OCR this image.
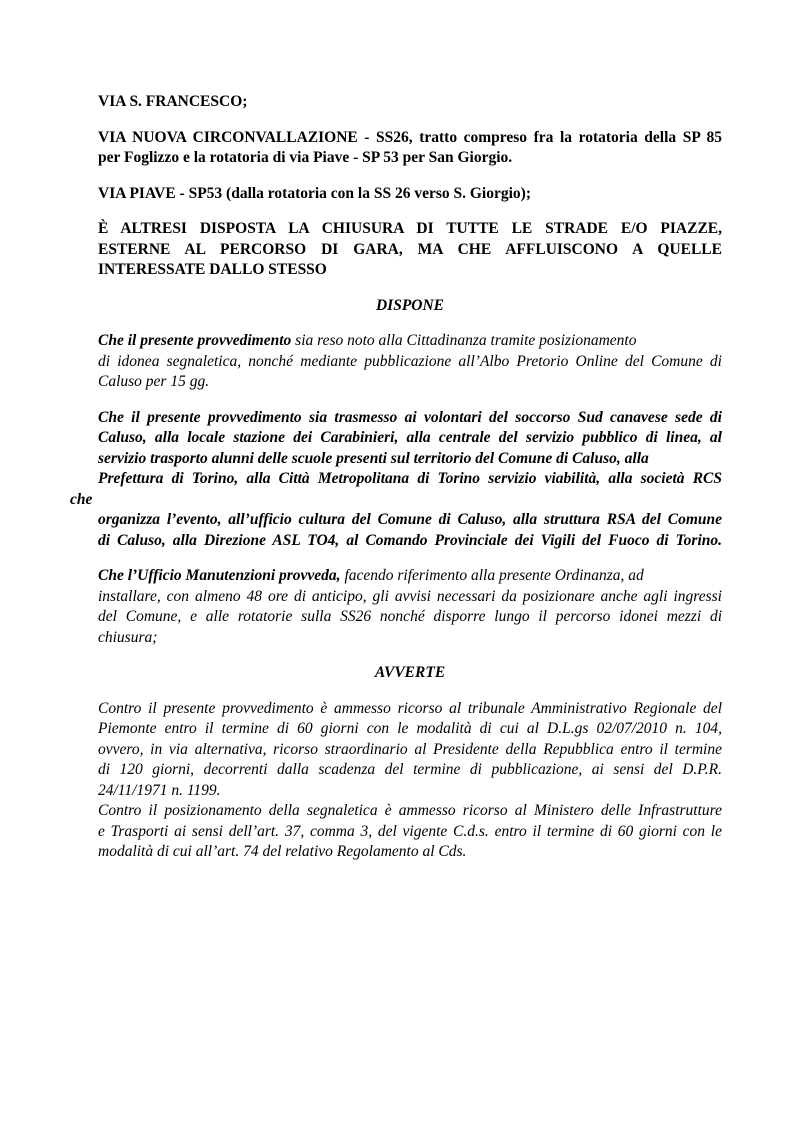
VIA S. FRANCESCO;
VIA NUOVA CIRCONVALLAZIONE - SS26, tratto compreso fra la rotatoria della SP 85
per Foglizzo e la rotatoria di via Piave - SP 53 per San Giorgio.
VIA PIAVE - SP53 (dalla rotatoria con la SS 26 verso S. Giorgio);
È ALTRESI DISPOSTA LA CHIUSURA DI TUTTE LE STRADE E/O PIAZZE,
ESTERNE AL PERCORSO DI GARA, MA CHE AFFLUISCONO A QUELLE
INTERESSATE DALLO STESSO
DISPONE
Che il presente provvedimento sia reso noto alla Cittadinanza tramite posizionamento
di idonea segnaletica, nonché mediante pubblicazione all’Albo Pretorio Online del Comune di
Caluso per 15 gg.
Che il presente provvedimento sia trasmesso ai volontari del soccorso Sud canavese sede di
Caluso, alla locale stazione dei Carabinieri, alla centrale del servizio pubblico di linea, al
servizio trasporto alunni delle scuole presenti sul territorio del Comune di Caluso, alla
Prefettura di Torino, alla Città Metropolitana di Torino servizio viabilità, alla società RCS
che
organizza l’evento, all’ufficio cultura del Comune di Caluso, alla struttura RSA del Comune
di Caluso, alla Direzione ASL TO4, al Comando Provinciale dei Vigili del Fuoco di Torino.
Che l’Ufficio Manutenzioni provveda, facendo riferimento alla presente Ordinanza, ad
installare, con almeno 48 ore di anticipo, gli avvisi necessari da posizionare anche agli ingressi
del Comune, e alle rotatorie sulla SS26 nonché disporre lungo il percorso idonei mezzi di
chiusura;
AVVERTE
Contro il presente provvedimento è ammesso ricorso al tribunale Amministrativo Regionale del
Piemonte entro il termine di 60 giorni con le modalità di cui al D.L.gs 02/07/2010 n. 104,
ovvero, in via alternativa, ricorso straordinario al Presidente della Repubblica entro il termine
di 120 giorni, decorrenti dalla scadenza del termine di pubblicazione, ai sensi del D.P.R.
24/11/1971 n. 1199.
Contro il posizionamento della segnaletica è ammesso ricorso al Ministero delle Infrastrutture
e Trasporti ai sensi dell’art. 37, comma 3, del vigente C.d.s. entro il termine di 60 giorni con le
modalità di cui all’art. 74 del relativo Regolamento al Cds.
